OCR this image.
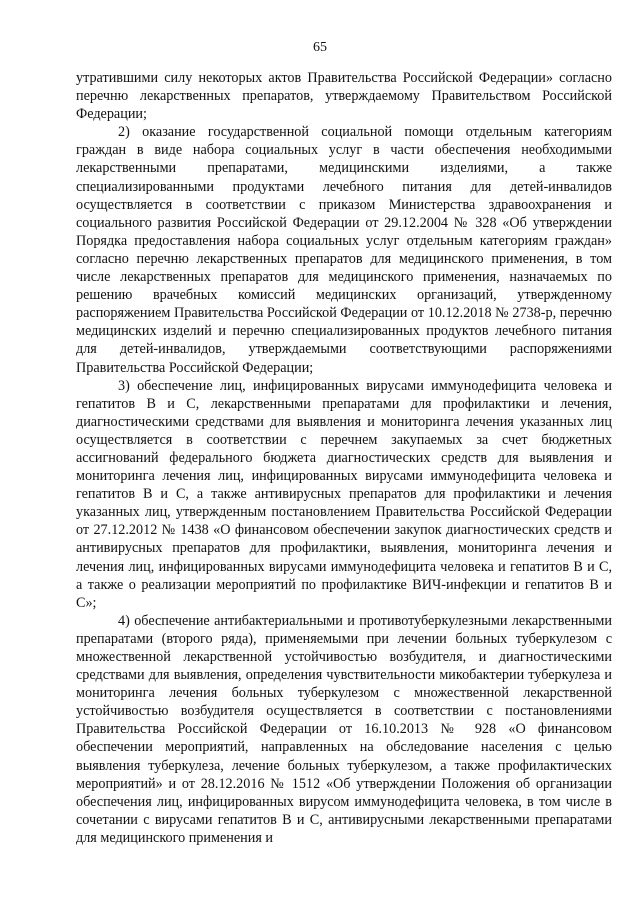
65

утратившими силу некоторых актов Правительства Российской Федерации» согласно перечню лекарственных препаратов, утверждаемому Правительством Российской Федерации;

2) оказание государственной социальной помощи отдельным категориям граждан в виде набора социальных услуг в части обеспечения необходимыми лекарственными препаратами, медицинскими изделиями, а также специализированными продуктами лечебного питания для детей-инвалидов осуществляется в соответствии с приказом Министерства здравоохранения и социального развития Российской Федерации от 29.12.2004 № 328 «Об утверждении Порядка предоставления набора социальных услуг отдельным категориям граждан» согласно перечню лекарственных препаратов для медицинского применения, в том числе лекарственных препаратов для медицинского применения, назначаемых по решению врачебных комиссий медицинских организаций, утвержденному распоряжением Правительства Российской Федерации от 10.12.2018 № 2738-р, перечню медицинских изделий и перечню специализированных продуктов лечебного питания для детей-инвалидов, утверждаемыми соответствующими распоряжениями Правительства Российской Федерации;

3) обеспечение лиц, инфицированных вирусами иммунодефицита человека и гепатитов B и C, лекарственными препаратами для профилактики и лечения, диагностическими средствами для выявления и мониторинга лечения указанных лиц осуществляется в соответствии с перечнем закупаемых за счет бюджетных ассигнований федерального бюджета диагностических средств для выявления и мониторинга лечения лиц, инфицированных вирусами иммунодефицита человека и гепатитов B и C, а также антивирусных препаратов для профилактики и лечения указанных лиц, утвержденным постановлением Правительства Российской Федерации от 27.12.2012 № 1438 «О финансовом обеспечении закупок диагностических средств и антивирусных препаратов для профилактики, выявления, мониторинга лечения и лечения лиц, инфицированных вирусами иммунодефицита человека и гепатитов B и C, а также о реализации мероприятий по профилактике ВИЧ-инфекции и гепатитов B и C»;

4) обеспечение антибактериальными и противотуберкулезными лекарственными препаратами (второго ряда), применяемыми при лечении больных туберкулезом с множественной лекарственной устойчивостью возбудителя, и диагностическими средствами для выявления, определения чувствительности микобактерии туберкулеза и мониторинга лечения больных туберкулезом с множественной лекарственной устойчивостью возбудителя осуществляется в соответствии с постановлениями Правительства Российской Федерации от 16.10.2013 № 928 «О финансовом обеспечении мероприятий, направленных на обследование населения с целью выявления туберкулеза, лечение больных туберкулезом, а также профилактических мероприятий» и от 28.12.2016 № 1512 «Об утверждении Положения об организации обеспечения лиц, инфицированных вирусом иммунодефицита человека, в том числе в сочетании с вирусами гепатитов B и C, антивирусными лекарственными препаратами для медицинского применения и
